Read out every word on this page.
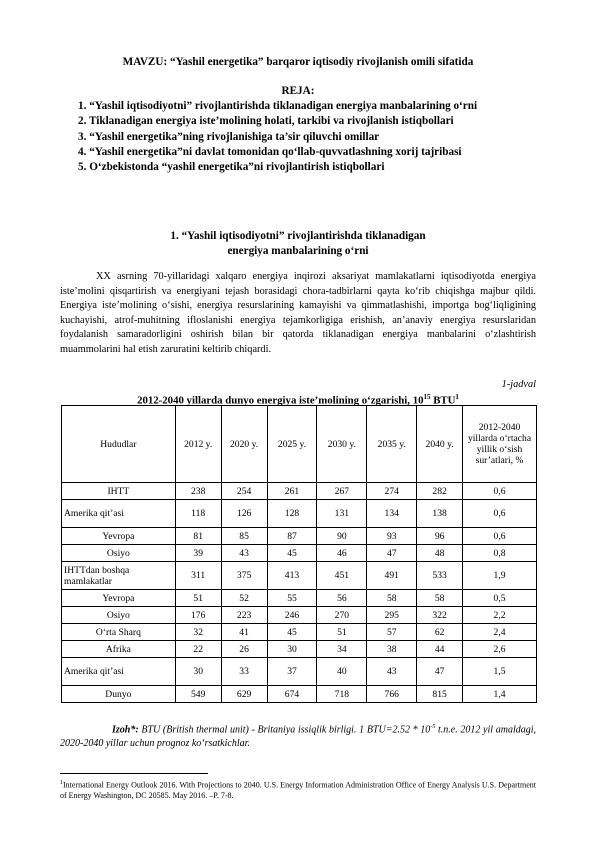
MAVZU: “Yashil energetika” barqaror iqtisodiy rivojlanish omili sifatida
REJA:
1. “Yashil iqtisodiyotni” rivojlantirishda tiklanadigan energiya manbalarining o‘rni
2. Tiklanadigan energiya iste’molining holati, tarkibi va rivojlanish istiqbollari
3. “Yashil energetika”ning rivojlanishiga ta’sir qiluvchi omillar
4. “Yashil energetika”ni davlat tomonidan qo‘llab-quvvatlashning xorij tajribasi
5. O‘zbekistonda “yashil energetika”ni rivojlantirish istiqbollari
1. “Yashil iqtisodiyotni” rivojlantirishda tiklanadigan
energiya manbalarining o‘rni
XX asrning 70-yillaridagi xalqaro energiya inqirozi aksariyat mamlakatlarni iqtisodiyotda energiya iste’molini qisqartirish va energiyani tejash borasidagi chora-tadbirlarni qayta ko‘rib chiqishga majbur qildi. Energiya iste’molining o‘sishi, energiya resurslarining kamayishi va qimmatlashishi, importga bog‘liqligining kuchayishi, atrof-muhitning ifloslanishi energiya tejamkorligiga erishish, an’anaviy energiya resurslaridan foydalanish samaradorligini oshirish bilan bir qatorda tiklanadigan energiya manbalarini o‘zlashtirish muammolarini hal etish zaruratini keltirib chiqardi.
1-jadval
2012-2040 yillarda dunyo energiya iste’molining o‘zgarishi, $10^{15}$ BTU$^1$
Hududlar	2012 y.	2020 y.	2025 y.	2030 y.	2035 y.	2040 y.	2012-2040 yillarda o‘rtacha yillik o‘sish sur’atlari, %
IHTT	238	254	261	267	274	282	0,6
Amerika qit’asi	118	126	128	131	134	138	0,6
Yevropa	81	85	87	90	93	96	0,6
Osiyo	39	43	45	46	47	48	0,8
IHTTdan boshqa mamlakatlar	311	375	413	451	491	533	1,9
Yevropa	51	52	55	56	58	58	0,5
Osiyo	176	223	246	270	295	322	2,2
O‘rta Sharq	32	41	45	51	57	62	2,4
Afrika	22	26	30	34	38	44	2,6
Amerika qit’asi	30	33	37	40	43	47	1,5
Dunyo	549	629	674	718	766	815	1,4
Izoh*: BTU (British thermal unit) - Britaniya issiqlik birligi. 1 $BTU=2.52 * 10^{-5}$ t.n.e. 2012 yil amaldagi, 2020-2040 yillar uchun prognoz ko‘rsatkichlar.
$^1$International Energy Outlook 2016. With Projections to 2040. U.S. Energy Information Administration Office of Energy Analysis U.S. Department of Energy Washington, DC 20585. May 2016. –P. 7-8.
